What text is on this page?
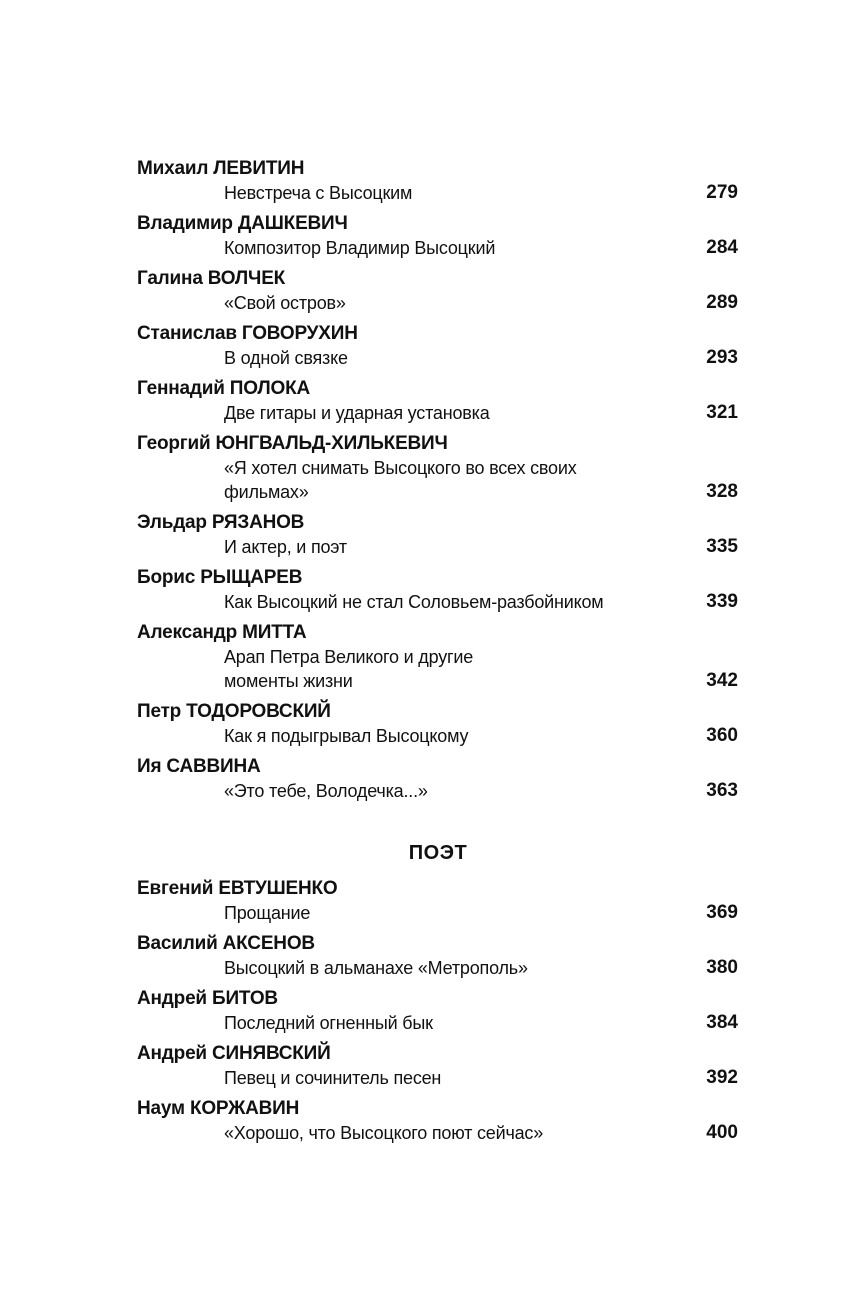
Михаил ЛЕВИТИН
Невстреча с Высоцким	279
Владимир ДАШКЕВИЧ
Композитор Владимир Высоцкий	284
Галина ВОЛЧЕК
«Свой остров»	289
Станислав ГОВОРУХИН
В одной связке	293
Геннадий ПОЛОКА
Две гитары и ударная установка	321
Георгий ЮНГВАЛЬД-ХИЛЬКЕВИЧ
«Я хотел снимать Высоцкого во всех своих
фильмах»	328
Эльдар РЯЗАНОВ
И актер, и поэт	335
Борис РЫЩАРЕВ
Как Высоцкий не стал Соловьем-разбойником	339
Александр МИТТА
Арап Петра Великого и другие
моменты жизни	342
Петр ТОДОРОВСКИЙ
Как я подыгрывал Высоцкому	360
Ия САВВИНА
«Это тебе, Володечка...»	363
ПОЭТ
Евгений ЕВТУШЕНКО
Прощание	369
Василий АКСЕНОВ
Высоцкий в альманахе «Метрополь»	380
Андрей БИТОВ
Последний огненный бык	384
Андрей СИНЯВСКИЙ
Певец и сочинитель песен	392
Наум КОРЖАВИН
«Хорошо, что Высоцкого поют сейчас»	400
